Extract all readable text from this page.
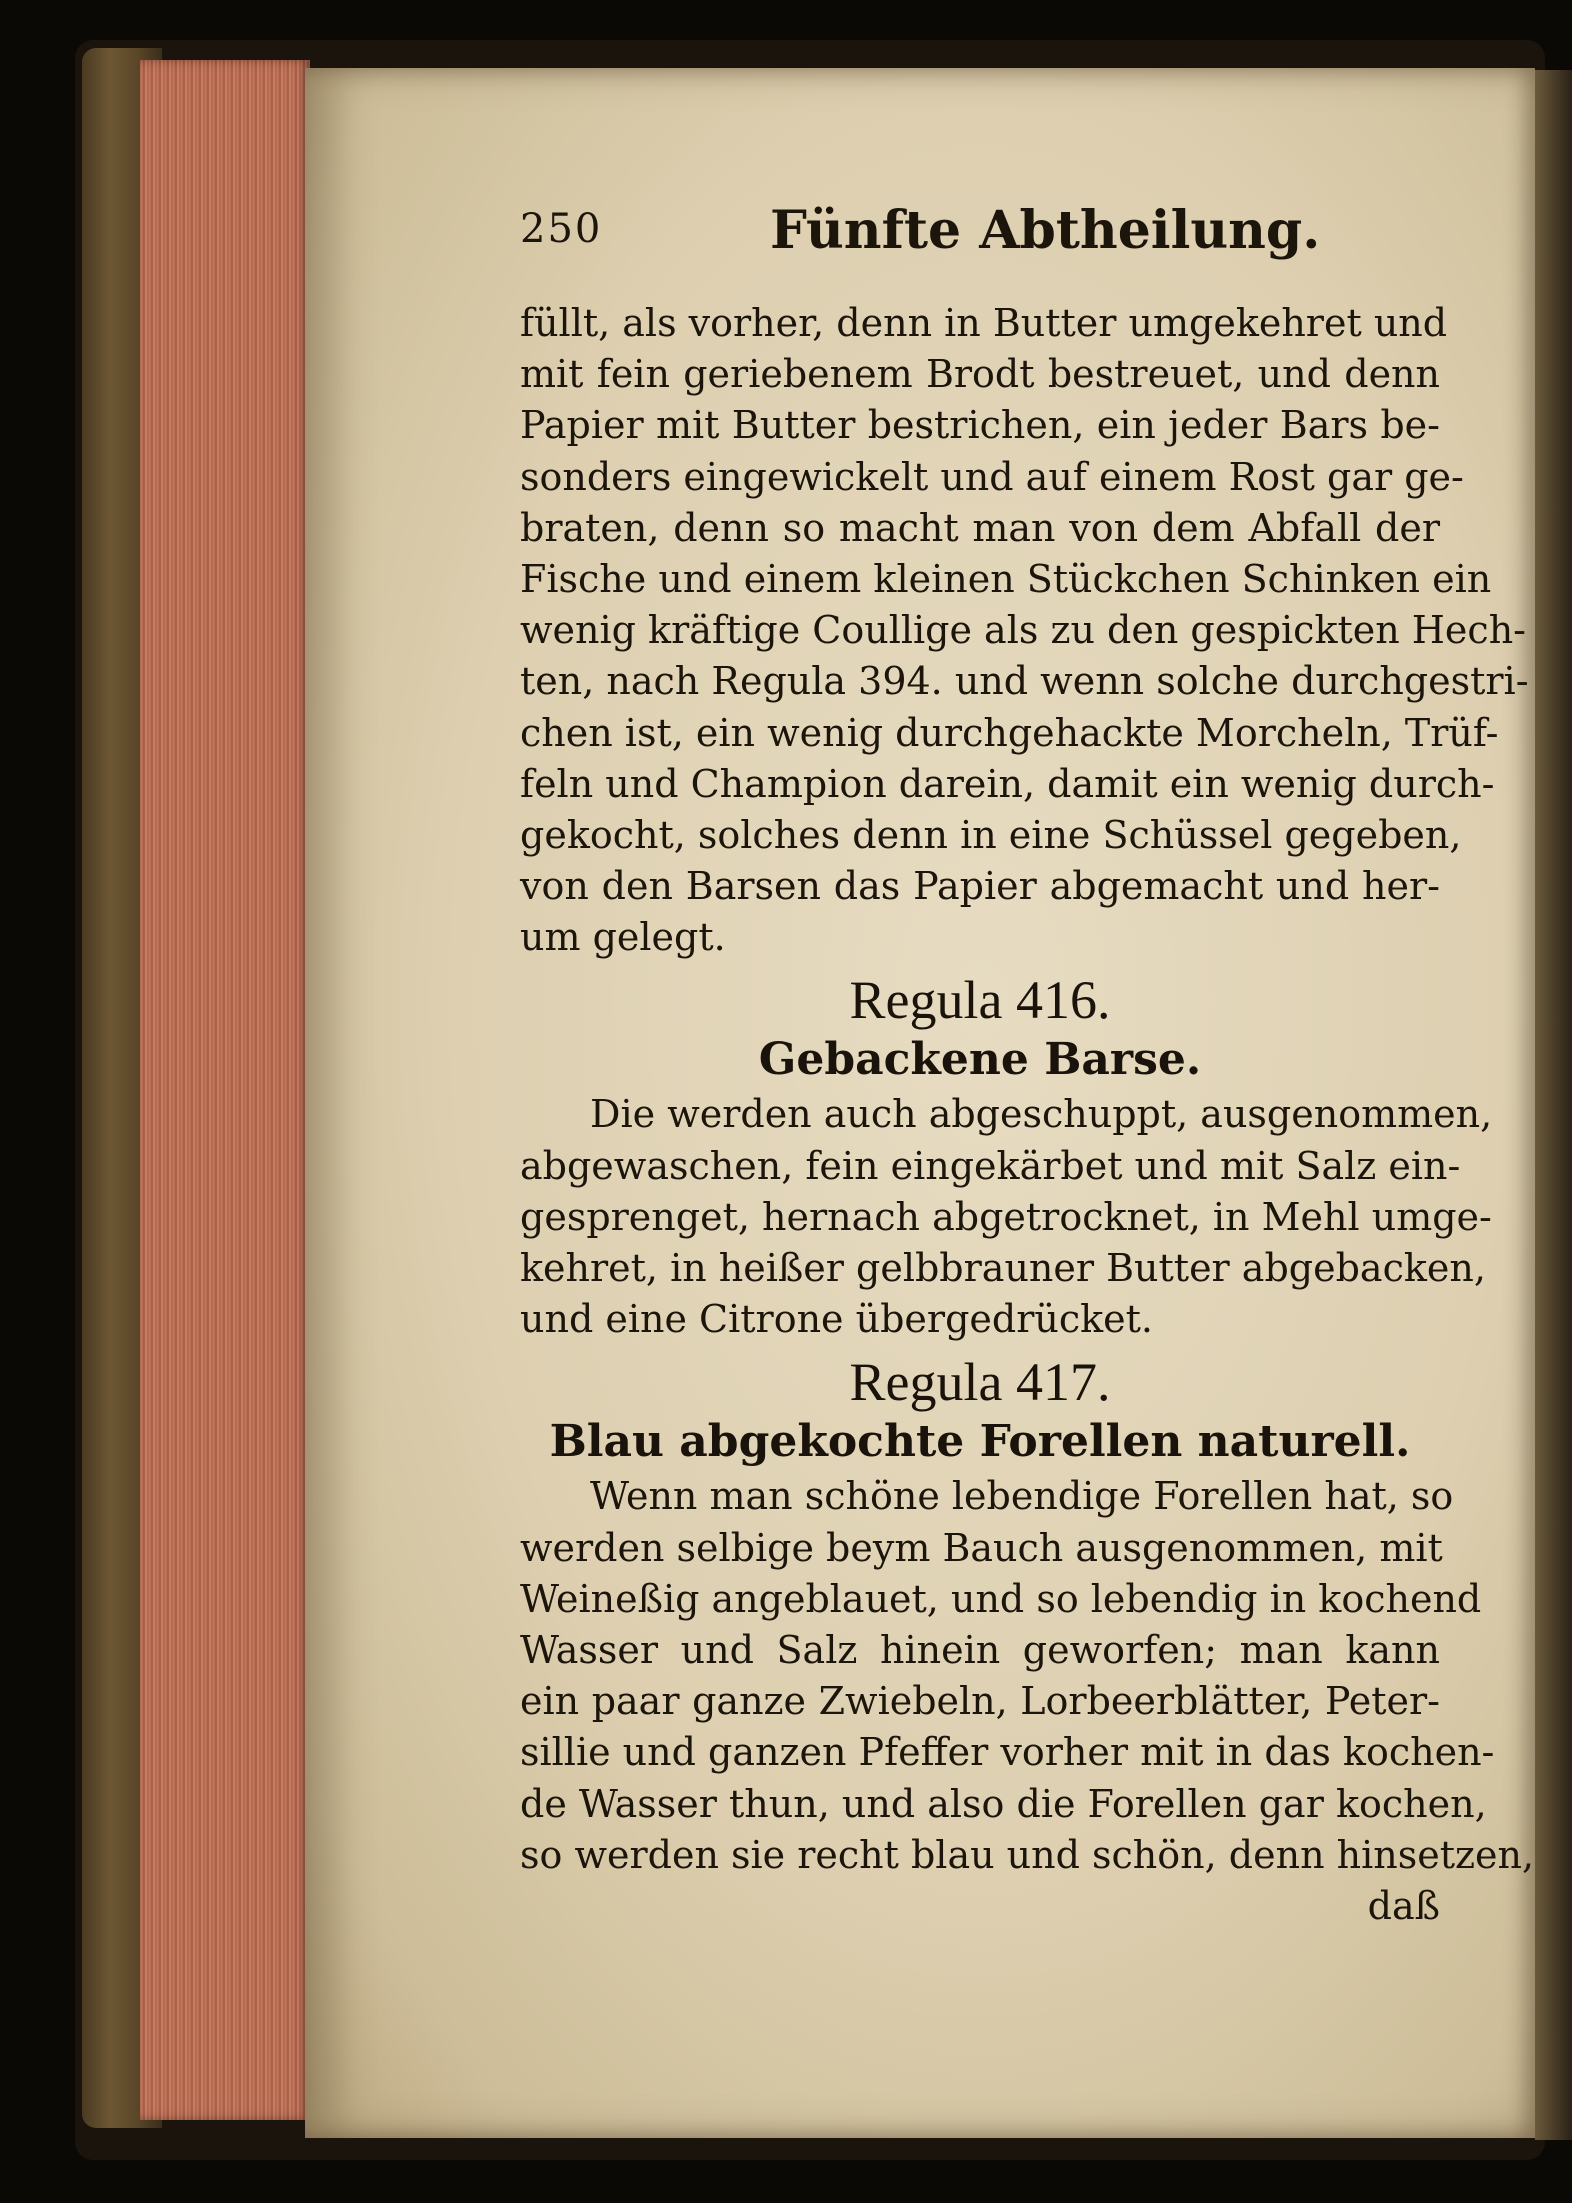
250	Fünfte Abtheilung.
füllt, als vorher, denn in Butter umgekehret und
mit fein geriebenem Brodt bestreuet, und denn
Papier mit Butter bestrichen, ein jeder Bars be-
sonders eingewickelt und auf einem Rost gar ge-
braten, denn so macht man von dem Abfall der
Fische und einem kleinen Stückchen Schinken ein
wenig kräftige Coullige als zu den gespickten Hech-
ten, nach Regula 394. und wenn solche durchgestri-
chen ist, ein wenig durchgehackte Morcheln, Trüf-
feln und Champion darein, damit ein wenig durch-
gekocht, solches denn in eine Schüssel gegeben,
von den Barsen das Papier abgemacht und her-
um gelegt.
Regula 416.
Gebackene Barse.
Die werden auch abgeschuppt, ausgenommen,
abgewaschen, fein eingekärbet und mit Salz ein-
gesprenget, hernach abgetrocknet, in Mehl umge-
kehret, in heißer gelbbrauner Butter abgebacken,
und eine Citrone übergedrücket.
Regula 417.
Blau abgekochte Forellen naturell.
Wenn man schöne lebendige Forellen hat, so
werden selbige beym Bauch ausgenommen, mit
Weineßig angeblauet, und so lebendig in kochend
Wasser und Salz hinein geworfen; man kann
ein paar ganze Zwiebeln, Lorbeerblätter, Peter-
sillie und ganzen Pfeffer vorher mit in das kochen-
de Wasser thun, und also die Forellen gar kochen,
so werden sie recht blau und schön, denn hinsetzen,
daß
